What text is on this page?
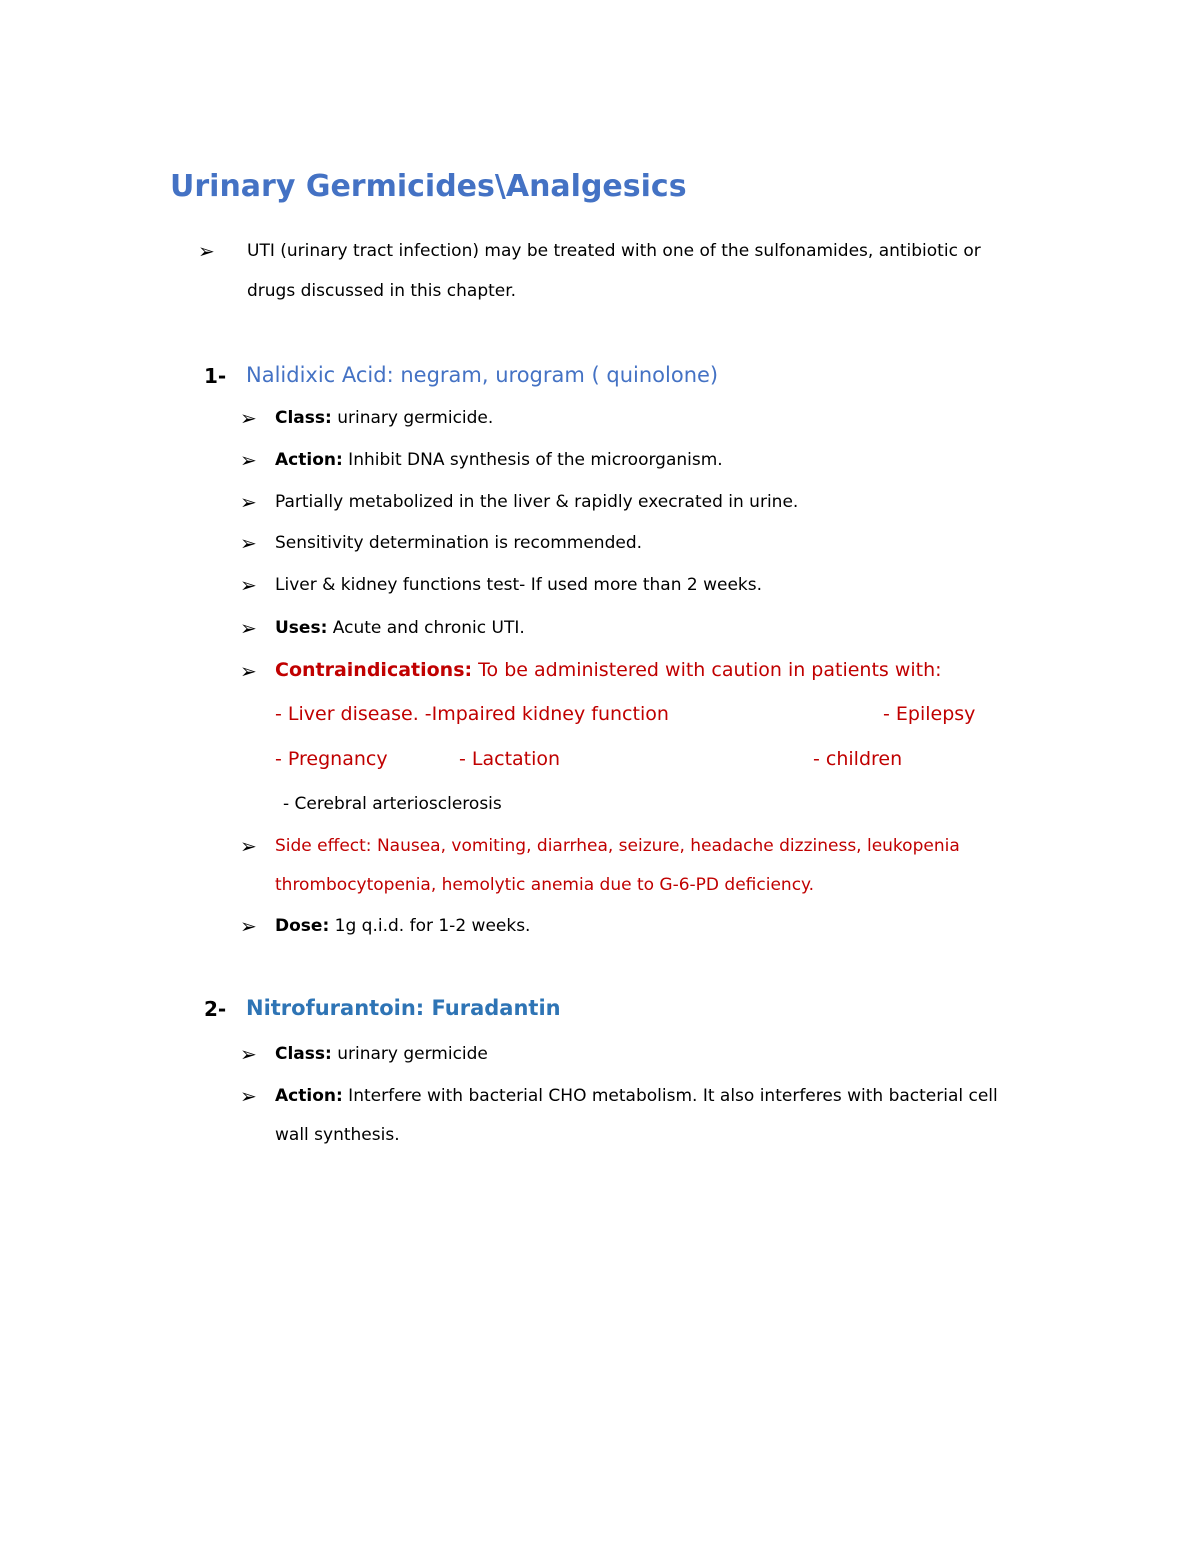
Urinary Germicides\Analgesics
➢ UTI (urinary tract infection) may be treated with one of the sulfonamides, antibiotic or
drugs discussed in this chapter.
1- Nalidixic Acid: negram, urogram ( quinolone)
➢ Class: urinary germicide.
➢ Action: Inhibit DNA synthesis of the microorganism.
➢ Partially metabolized in the liver & rapidly execrated in urine.
➢ Sensitivity determination is recommended.
➢ Liver & kidney functions test- If used more than 2 weeks.
➢ Uses: Acute and chronic UTI.
➢ Contraindications: To be administered with caution in patients with:
- Liver disease. -Impaired kidney function	- Epilepsy
- Pregnancy	- Lactation	- children
- Cerebral arteriosclerosis
➢ Side effect: Nausea, vomiting, diarrhea, seizure, headache dizziness, leukopenia
thrombocytopenia, hemolytic anemia due to G-6-PD deficiency.
➢ Dose: 1g q.i.d. for 1-2 weeks.
2- Nitrofurantoin: Furadantin
➢ Class: urinary germicide
➢ Action: Interfere with bacterial CHO metabolism. It also interferes with bacterial cell
wall synthesis.
